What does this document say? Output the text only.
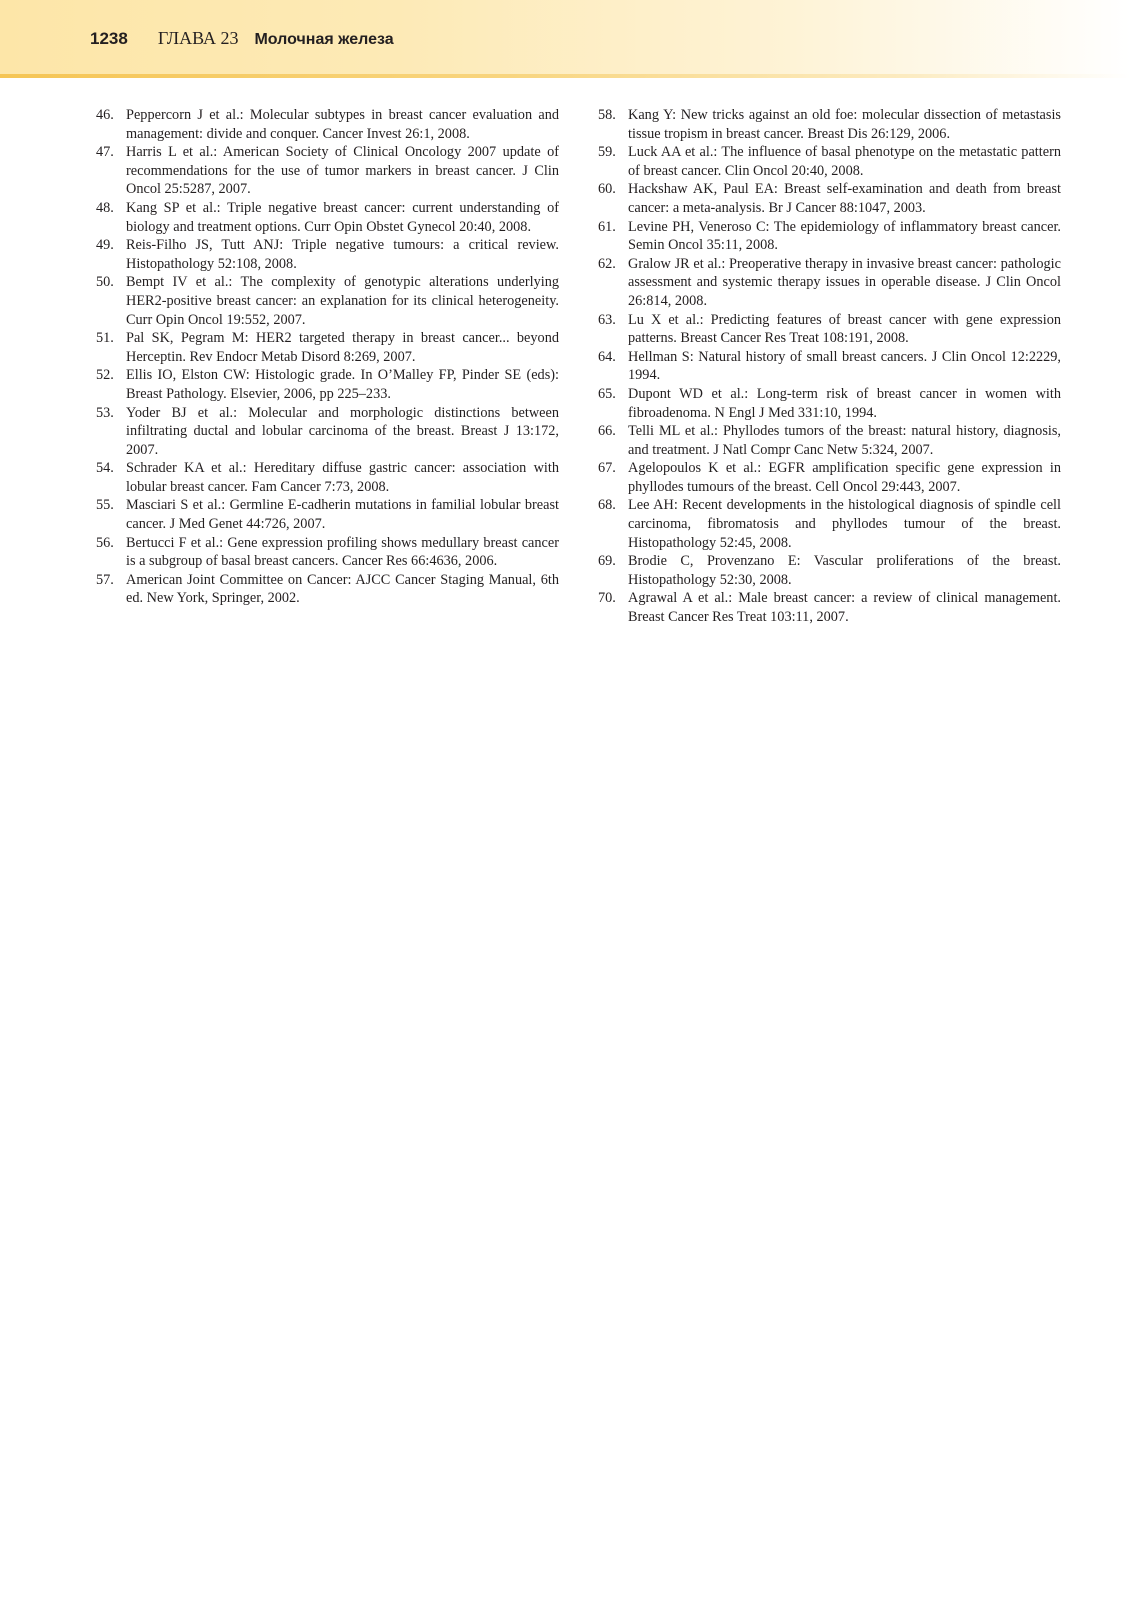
1238 ГЛАВА 23 Молочная железа
46. Peppercorn J et al.: Molecular subtypes in breast cancer evaluation and management: divide and conquer. Cancer Invest 26:1, 2008.
47. Harris L et al.: American Society of Clinical Oncology 2007 update of recommendations for the use of tumor markers in breast cancer. J Clin Oncol 25:5287, 2007.
48. Kang SP et al.: Triple negative breast cancer: current understanding of biology and treatment options. Curr Opin Obstet Gynecol 20:40, 2008.
49. Reis-Filho JS, Tutt ANJ: Triple negative tumours: a critical review. Histopathology 52:108, 2008.
50. Bempt IV et al.: The complexity of genotypic alterations underlying HER2-positive breast cancer: an explanation for its clinical heterogeneity. Curr Opin Oncol 19:552, 2007.
51. Pal SK, Pegram M: HER2 targeted therapy in breast cancer... beyond Herceptin. Rev Endocr Metab Disord 8:269, 2007.
52. Ellis IO, Elston CW: Histologic grade. In O’Malley FP, Pinder SE (eds): Breast Pathology. Elsevier, 2006, pp 225–233.
53. Yoder BJ et al.: Molecular and morphologic distinctions between infiltrating ductal and lobular carcinoma of the breast. Breast J 13:172, 2007.
54. Schrader KA et al.: Hereditary diffuse gastric cancer: association with lobular breast cancer. Fam Cancer 7:73, 2008.
55. Masciari S et al.: Germline E-cadherin mutations in familial lobular breast cancer. J Med Genet 44:726, 2007.
56. Bertucci F et al.: Gene expression profiling shows medullary breast cancer is a subgroup of basal breast cancers. Cancer Res 66:4636, 2006.
57. American Joint Committee on Cancer: AJCC Cancer Staging Manual, 6th ed. New York, Springer, 2002.
58. Kang Y: New tricks against an old foe: molecular dissection of metastasis tissue tropism in breast cancer. Breast Dis 26:129, 2006.
59. Luck AA et al.: The influence of basal phenotype on the metastatic pattern of breast cancer. Clin Oncol 20:40, 2008.
60. Hackshaw AK, Paul EA: Breast self-examination and death from breast cancer: a meta-analysis. Br J Cancer 88:1047, 2003.
61. Levine PH, Veneroso C: The epidemiology of inflammatory breast cancer. Semin Oncol 35:11, 2008.
62. Gralow JR et al.: Preoperative therapy in invasive breast cancer: pathologic assessment and systemic therapy issues in operable disease. J Clin Oncol 26:814, 2008.
63. Lu X et al.: Predicting features of breast cancer with gene expression patterns. Breast Cancer Res Treat 108:191, 2008.
64. Hellman S: Natural history of small breast cancers. J Clin Oncol 12:2229, 1994.
65. Dupont WD et al.: Long-term risk of breast cancer in women with fibroadenoma. N Engl J Med 331:10, 1994.
66. Telli ML et al.: Phyllodes tumors of the breast: natural history, diagnosis, and treatment. J Natl Compr Canc Netw 5:324, 2007.
67. Agelopoulos K et al.: EGFR amplification specific gene expression in phyllodes tumours of the breast. Cell Oncol 29:443, 2007.
68. Lee AH: Recent developments in the histological diagnosis of spindle cell carcinoma, fibromatosis and phyllodes tumour of the breast. Histopathology 52:45, 2008.
69. Brodie C, Provenzano E: Vascular proliferations of the breast. Histopathology 52:30, 2008.
70. Agrawal A et al.: Male breast cancer: a review of clinical management. Breast Cancer Res Treat 103:11, 2007.
